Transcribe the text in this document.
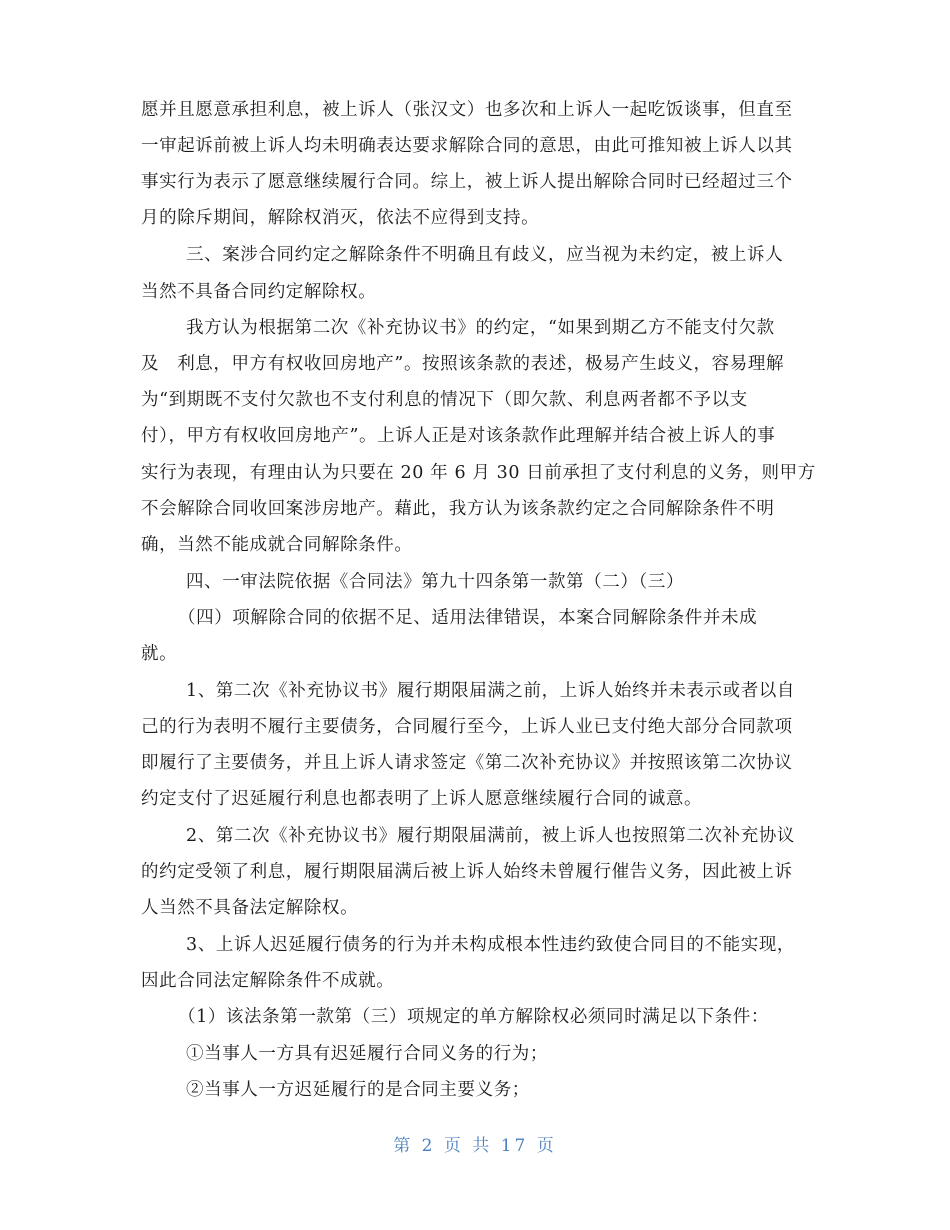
愿并且愿意承担利息，被上诉人（张汉文）也多次和上诉人一起吃饭谈事，但直至
一审起诉前被上诉人均未明确表达要求解除合同的意思，由此可推知被上诉人以其
事实行为表示了愿意继续履行合同。综上，被上诉人提出解除合同时已经超过三个
月的除斥期间，解除权消灭，依法不应得到支持。
三、案涉合同约定之解除条件不明确且有歧义，应当视为未约定，被上诉人
当然不具备合同约定解除权。
我方认为根据第二次《补充协议书》的约定，“如果到期乙方不能支付欠款
及　利息，甲方有权收回房地产”。按照该条款的表述，极易产生歧义，容易理解
为“到期既不支付欠款也不支付利息的情况下（即欠款、利息两者都不予以支
付），甲方有权收回房地产”。上诉人正是对该条款作此理解并结合被上诉人的事
实行为表现，有理由认为只要在 20 年 6 月 30 日前承担了支付利息的义务，则甲方
不会解除合同收回案涉房地产。藉此，我方认为该条款约定之合同解除条件不明
确，当然不能成就合同解除条件。
四、一审法院依据《合同法》第九十四条第一款第（二）（三）
（四）项解除合同的依据不足、适用法律错误，本案合同解除条件并未成
就。
1、第二次《补充协议书》履行期限届满之前，上诉人始终并未表示或者以自
己的行为表明不履行主要债务，合同履行至今，上诉人业已支付绝大部分合同款项
即履行了主要债务，并且上诉人请求签定《第二次补充协议》并按照该第二次协议
约定支付了迟延履行利息也都表明了上诉人愿意继续履行合同的诚意。
2、第二次《补充协议书》履行期限届满前，被上诉人也按照第二次补充协议
的约定受领了利息，履行期限届满后被上诉人始终未曾履行催告义务，因此被上诉
人当然不具备法定解除权。
3、上诉人迟延履行债务的行为并未构成根本性违约致使合同目的不能实现，
因此合同法定解除条件不成就。
（1）该法条第一款第（三）项规定的单方解除权必须同时满足以下条件：
①当事人一方具有迟延履行合同义务的行为；
②当事人一方迟延履行的是合同主要义务；
第 2 页 共 17 页
